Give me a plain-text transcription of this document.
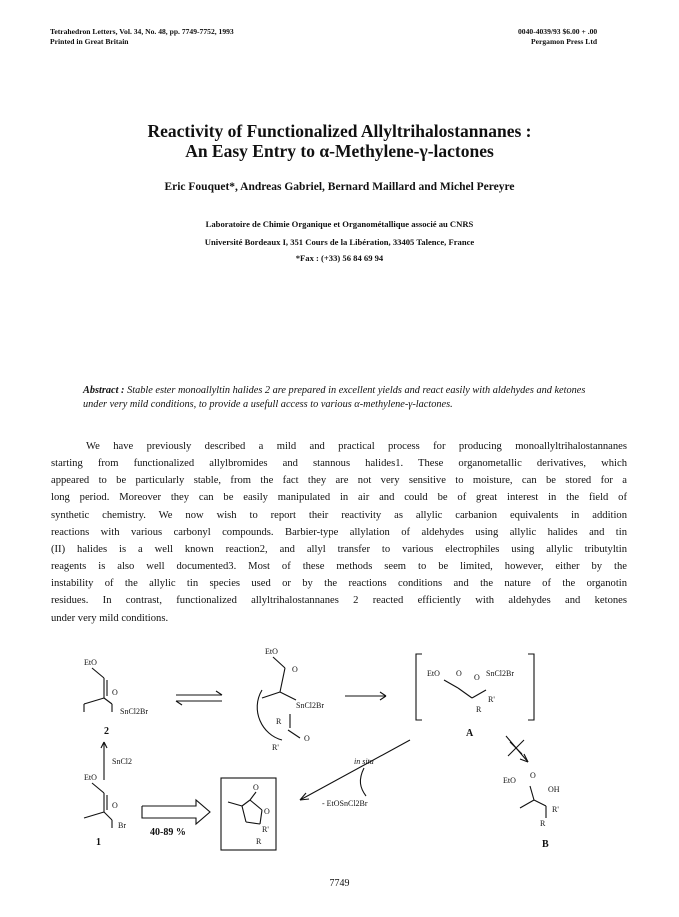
Tetrahedron Letters, Vol. 34, No. 48, pp. 7749-7752, 1993
Printed in Great Britain
0040-4039/93 $6.00 + .00
Pergamon Press Ltd
Reactivity of Functionalized Allyltrihalostannanes :
An Easy Entry to α-Methylene-γ-lactones
Eric Fouquet*, Andreas Gabriel, Bernard Maillard and Michel Pereyre
Laboratoire de Chimie Organique et Organométallique associé au CNRS
Université Bordeaux I, 351 Cours de la Libération, 33405 Talence, France
*Fax : (+33) 56 84 69 94
Abstract : Stable ester monoallyltin halides 2 are prepared in excellent yields and react easily with aldehydes and ketones under very mild conditions, to provide a usefull access to various α-methylene-γ-lactones.
We have previously described a mild and practical process for producing monoallyltrihalostannanes
starting from functionalized allylbromides and stannous halides1. These organometallic derivatives, which
appeared to be particularly stable, from the fact they are not very sensitive to moisture, can be stored for a
long period. Moreover they can be easily manipulated in air and could be of great interest in the field of
synthetic chemistry. We now wish to report their reactivity as allylic carbanion equivalents in addition
reactions with various carbonyl compounds. Barbier-type allylation of aldehydes using allylic halides and tin
(II) halides is a well known reaction2, and allyl transfer to various electrophiles using allylic tributyltin
reagents is also well documented3. Most of these methods seem to be limited, however, either by the
instability of the allylic tin species used or by the reactions conditions and the nature of the organotin
residues. In contrast, functionalized allyltrihalostannanes 2 reacted efficiently with aldehydes and ketones
under very mild conditions.
EtO
O
SnCl2Br
2
EtO
O
SnCl2Br
R
O
R'
EtO O O SnCl2Br
R
R'
A
SnCl2
EtO
O
Br
1
40-89 %
O
O
R'
R
in situ
- EtOSnCl2Br
EtO
O
OH
R'
R
B
7749
